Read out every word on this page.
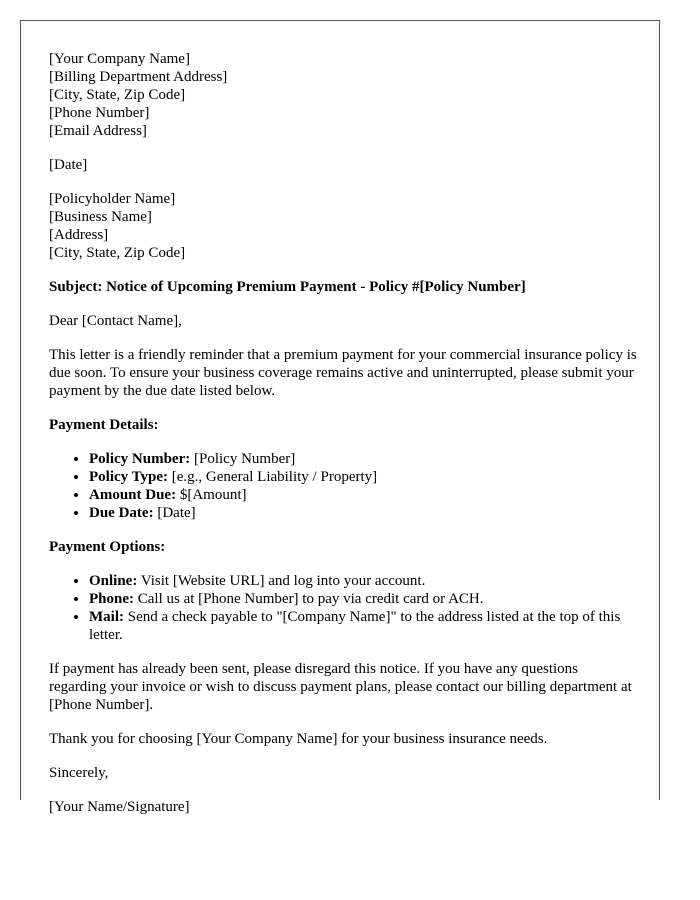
[Your Company Name]
[Billing Department Address]
[City, State, Zip Code]
[Phone Number]
[Email Address]

[Date]

[Policyholder Name]
[Business Name]
[Address]
[City, State, Zip Code]

Subject: Notice of Upcoming Premium Payment - Policy #[Policy Number]

Dear [Contact Name],

This letter is a friendly reminder that a premium payment for your commercial insurance policy is due soon. To ensure your business coverage remains active and uninterrupted, please submit your payment by the due date listed below.

Payment Details:

• Policy Number: [Policy Number]
• Policy Type: [e.g., General Liability / Property]
• Amount Due: $[Amount]
• Due Date: [Date]

Payment Options:

• Online: Visit [Website URL] and log into your account.
• Phone: Call us at [Phone Number] to pay via credit card or ACH.
• Mail: Send a check payable to "[Company Name]" to the address listed at the top of this letter.

If payment has already been sent, please disregard this notice. If you have any questions regarding your invoice or wish to discuss payment plans, please contact our billing department at [Phone Number].

Thank you for choosing [Your Company Name] for your business insurance needs.

Sincerely,

[Your Name/Signature]
